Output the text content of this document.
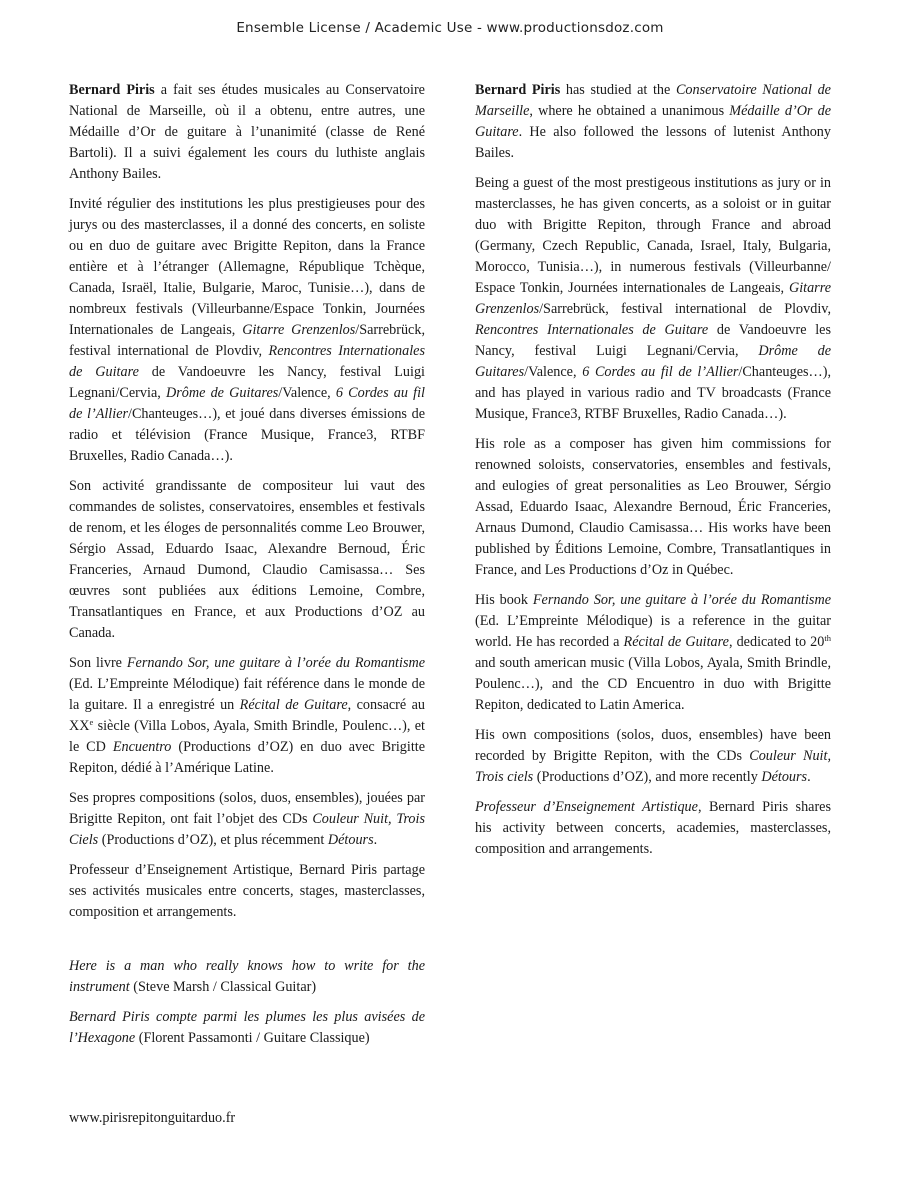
Ensemble License / Academic Use - www.productionsdoz.com

Bernard Piris a fait ses études musicales au Conservatoire National de Marseille, où il a obtenu, entre autres, une Médaille d’Or de guitare à l’unanimité (classe de René Bartoli). Il a suivi également les cours du luthiste anglais Anthony Bailes.

Invité régulier des institutions les plus prestigieuses pour des jurys ou des masterclasses, il a donné des concerts, en soliste ou en duo de guitare avec Brigitte Repiton, dans la France entière et à l’étranger (Allemagne, République Tchèque, Canada, Israël, Italie, Bulgarie, Maroc, Tunisie…), dans de nombreux festivals (Villeurbanne/Espace Tonkin, Journées Internationales de Langeais, Gitarre Grenzenlos/Sarrebrück, festival international de Plovdiv, Rencontres Internationales de Guitare de Vandoeuvre les Nancy, festival Luigi Legnani/Cervia, Drôme de Guitares/Valence, 6 Cordes au fil de l’Allier/Chanteuges…), et joué dans diverses émissions de radio et télévision (France Musique, France3, RTBF Bruxelles, Radio Canada…).

Son activité grandissante de compositeur lui vaut des commandes de solistes, conservatoires, ensembles et festivals de renom, et les éloges de personnalités comme Leo Brouwer, Sérgio Assad, Eduardo Isaac, Alexandre Bernoud, Éric Franceries, Arnaud Dumond, Claudio Camisassa… Ses œuvres sont publiées aux éditions Lemoine, Combre, Transatlantiques en France, et aux Productions d’OZ au Canada.

Son livre Fernando Sor, une guitare à l’orée du Romantisme (Ed. L’Empreinte Mélodique) fait référence dans le monde de la guitare. Il a enregistré un Récital de Guitare, consacré au XXe siècle (Villa Lobos, Ayala, Smith Brindle, Poulenc…), et le CD Encuentro (Productions d’OZ) en duo avec Brigitte Repiton, dédié à l’Amérique Latine.

Ses propres compositions (solos, duos, ensembles), jouées par Brigitte Repiton, ont fait l’objet des CDs Couleur Nuit, Trois Ciels (Productions d’OZ), et plus récemment Détours.

Professeur d’Enseignement Artistique, Bernard Piris partage ses activités musicales entre concerts, stages, masterclasses, composition et arrangements.

Here is a man who really knows how to write for the instrument (Steve Marsh / Classical Guitar)

Bernard Piris compte parmi les plumes les plus avisées de l’Hexagone (Florent Passamonti / Guitare Classique)

Bernard Piris has studied at the Conservatoire National de Marseille, where he obtained a unanimous Médaille d’Or de Guitare. He also followed the lessons of lutenist Anthony Bailes.

Being a guest of the most prestigeous institutions as jury or in masterclasses, he has given concerts, as a soloist or in guitar duo with Brigitte Repiton, through France and abroad (Germany, Czech Republic, Canada, Israel, Italy, Bulgaria, Morocco, Tunisia…), in numerous festivals (Villeurbanne/ Espace Tonkin, Journées internationales de Langeais, Gitarre Grenzenlos/Sarrebrück, festival international de Plovdiv, Rencontres Internationales de Guitare de Vandoeuvre les Nancy, festival Luigi Legnani/Cervia, Drôme de Guitares/Valence, 6 Cordes au fil de l’Allier/Chanteuges…), and has played in various radio and TV broadcasts (France Musique, France3, RTBF Bruxelles, Radio Canada…).

His role as a composer has given him commissions for renowned soloists, conservatories, ensembles and festivals, and eulogies of great personalities as Leo Brouwer, Sérgio Assad, Eduardo Isaac, Alexandre Bernoud, Éric Franceries, Arnaus Dumond, Claudio Camisassa… His works have been published by Éditions Lemoine, Combre, Transatlantiques in France, and Les Productions d’Oz in Québec.

His book Fernando Sor, une guitare à l’orée du Romantisme (Ed. L’Empreinte Mélodique) is a reference in the guitar world. He has recorded a Récital de Guitare, dedicated to 20th and south american music (Villa Lobos, Ayala, Smith Brindle, Poulenc…), and the CD Encuentro in duo with Brigitte Repiton, dedicated to Latin America.

His own compositions (solos, duos, ensembles) have been recorded by Brigitte Repiton, with the CDs Couleur Nuit, Trois ciels (Productions d’OZ), and more recently Détours.

Professeur d’Enseignement Artistique, Bernard Piris shares his activity between concerts, academies, masterclasses, composition and arrangements.

www.pirisrepitonguitarduo.fr
